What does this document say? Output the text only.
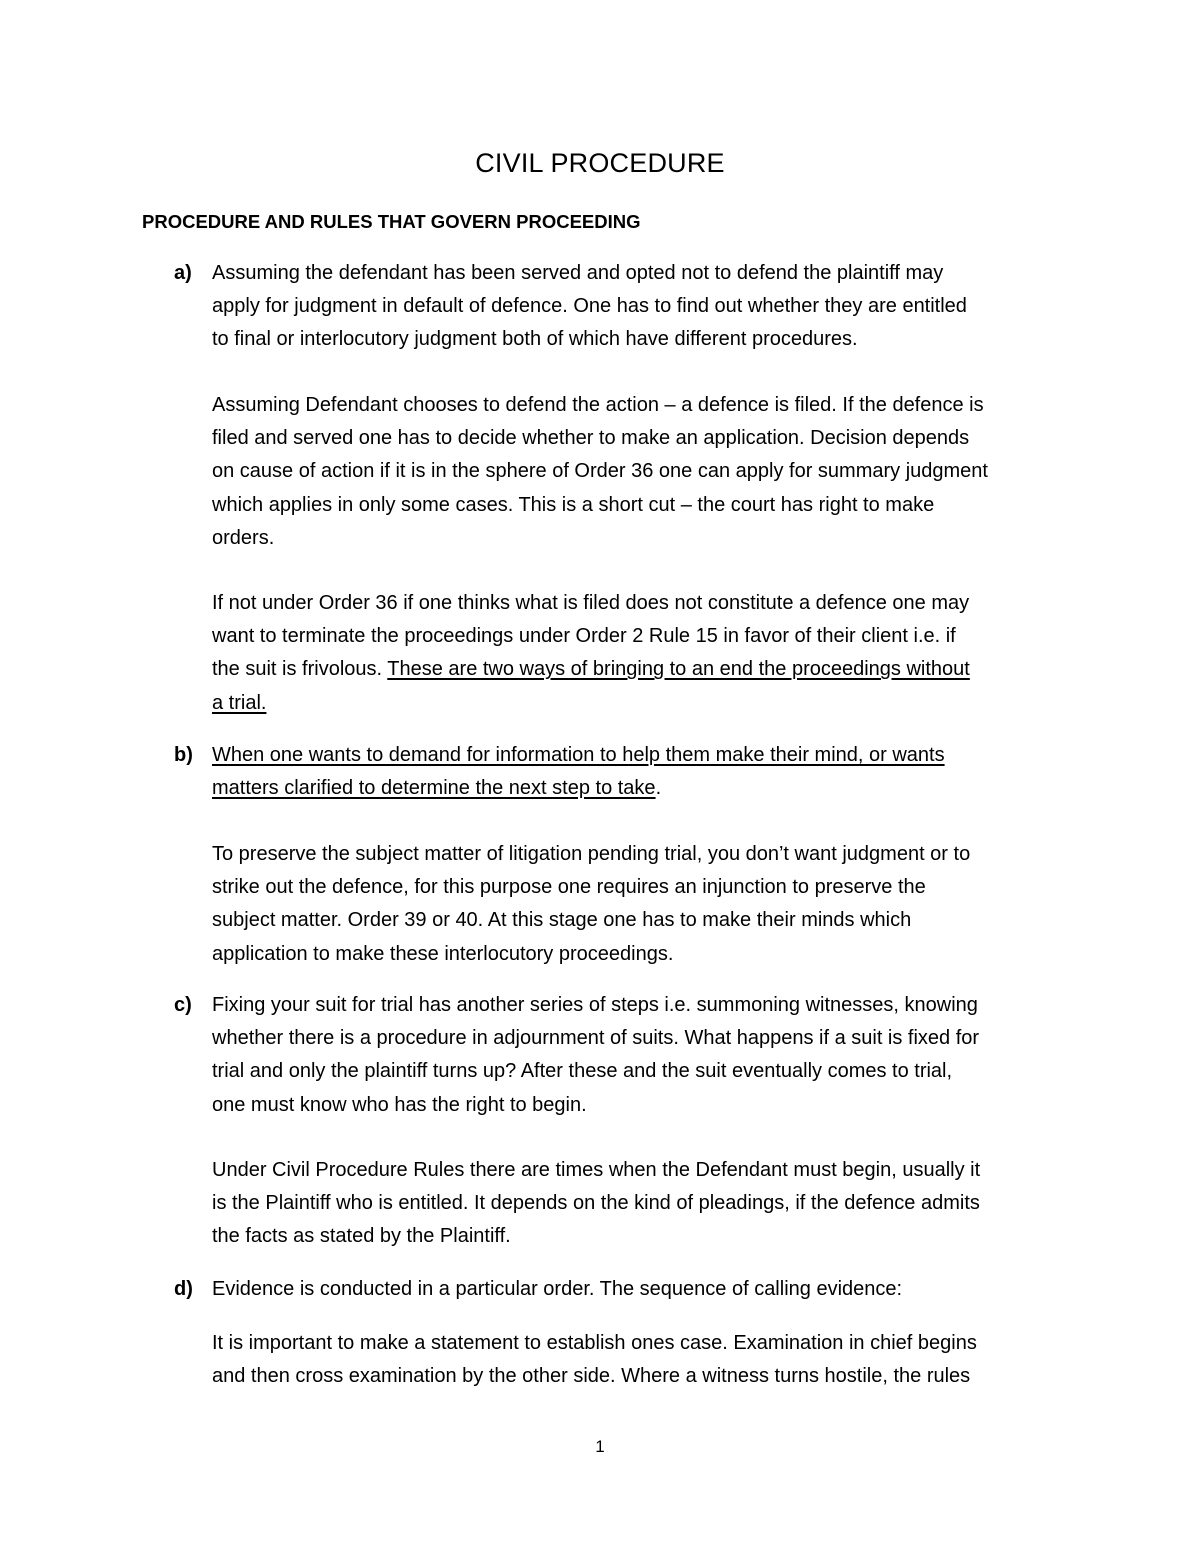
CIVIL PROCEDURE
PROCEDURE AND RULES THAT GOVERN PROCEEDING
a) Assuming the defendant has been served and opted not to defend the plaintiff may
apply for judgment in default of defence. One has to find out whether they are entitled
to final or interlocutory judgment both of which have different procedures.
Assuming Defendant chooses to defend the action – a defence is filed. If the defence is
filed and served one has to decide whether to make an application. Decision depends
on cause of action if it is in the sphere of Order 36 one can apply for summary judgment
which applies in only some cases. This is a short cut – the court has right to make
orders.
If not under Order 36 if one thinks what is filed does not constitute a defence one may
want to terminate the proceedings under Order 2 Rule 15 in favor of their client i.e. if
the suit is frivolous. These are two ways of bringing to an end the proceedings without
a trial.
b) When one wants to demand for information to help them make their mind, or wants
matters clarified to determine the next step to take.
To preserve the subject matter of litigation pending trial, you don’t want judgment or to
strike out the defence, for this purpose one requires an injunction to preserve the
subject matter. Order 39 or 40. At this stage one has to make their minds which
application to make these interlocutory proceedings.
c) Fixing your suit for trial has another series of steps i.e. summoning witnesses, knowing
whether there is a procedure in adjournment of suits. What happens if a suit is fixed for
trial and only the plaintiff turns up? After these and the suit eventually comes to trial,
one must know who has the right to begin.
Under Civil Procedure Rules there are times when the Defendant must begin, usually it
is the Plaintiff who is entitled. It depends on the kind of pleadings, if the defence admits
the facts as stated by the Plaintiff.
d) Evidence is conducted in a particular order. The sequence of calling evidence:
It is important to make a statement to establish ones case. Examination in chief begins
and then cross examination by the other side. Where a witness turns hostile, the rules
1
